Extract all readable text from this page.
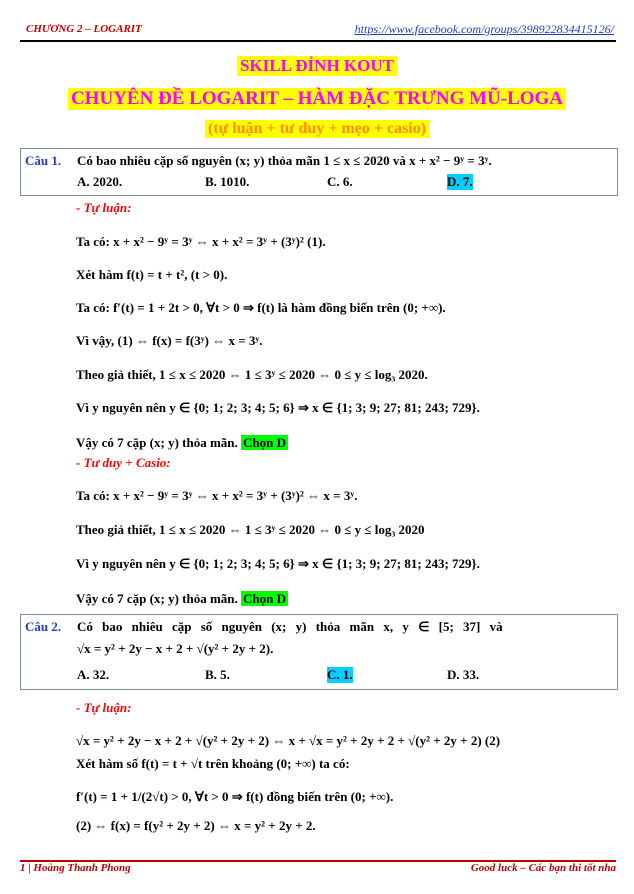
CHƯƠNG 2 – LOGARIT	https://www.facebook.com/groups/398922834415126/
SKILL ĐỈNH KOUT
CHUYÊN ĐỀ LOGARIT – HÀM ĐẶC TRƯNG MŨ-LOGA
(tự luận + tư duy + mẹo + casio)
Câu 1. Có bao nhiêu cặp số nguyên (x; y) thỏa mãn 1 ≤ x ≤ 2020 và x + x² − 9ʸ = 3ʸ.
A. 2020.	B. 1010.	C. 6.	D. 7.
- Tự luận:
Ta có: x + x² − 9ʸ = 3ʸ ⇔ x + x² = 3ʸ + (3ʸ)² (1).
Xét hàm f(t) = t + t², (t > 0).
Ta có: f′(t) = 1 + 2t > 0, ∀t > 0 ⇒ f(t) là hàm đồng biến trên (0; +∞).
Vì vậy, (1) ⇔ f(x) = f(3ʸ) ⇔ x = 3ʸ.
Theo giả thiết, 1 ≤ x ≤ 2020 ⇔ 1 ≤ 3ʸ ≤ 2020 ⇔ 0 ≤ y ≤ log₃ 2020.
Vì y nguyên nên y ∈ {0; 1; 2; 3; 4; 5; 6} ⇒ x ∈ {1; 3; 9; 27; 81; 243; 729}.
Vậy có 7 cặp (x; y) thỏa mãn. Chọn D
- Tư duy + Casio:
Ta có: x + x² − 9ʸ = 3ʸ ⇔ x + x² = 3ʸ + (3ʸ)² ⇔ x = 3ʸ.
Theo giả thiết, 1 ≤ x ≤ 2020 ⇔ 1 ≤ 3ʸ ≤ 2020 ⇔ 0 ≤ y ≤ log₃ 2020
Vì y nguyên nên y ∈ {0; 1; 2; 3; 4; 5; 6} ⇒ x ∈ {1; 3; 9; 27; 81; 243; 729}.
Vậy có 7 cặp (x; y) thỏa mãn. Chọn D
Câu 2. Có bao nhiêu cặp số nguyên (x; y) thỏa mãn x, y ∈ [5; 37] và
√x = y² + 2y − x + 2 + √(y² + 2y + 2).
A. 32.	B. 5.	C. 1.	D. 33.
- Tự luận:
√x = y² + 2y − x + 2 + √(y² + 2y + 2) ⇔ x + √x = y² + 2y + 2 + √(y² + 2y + 2) (2)
Xét hàm số f(t) = t + √t trên khoảng (0; +∞) ta có:
f′(t) = 1 + 1/(2√t) > 0, ∀t > 0 ⇒ f(t) đồng biến trên (0; +∞).
(2) ⇔ f(x) = f(y² + 2y + 2) ⇔ x = y² + 2y + 2.
1 | Hoàng Thanh Phong	Good luck – Các bạn thi tốt nha
